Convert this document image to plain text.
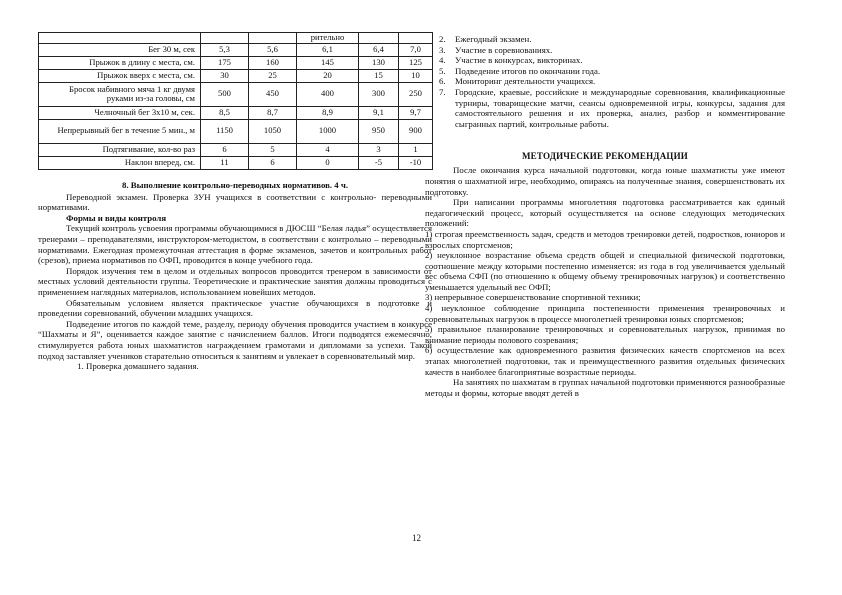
			рительно		
Бег 30 м, сек	5,3	5,6	6,1	6,4	7,0
Прыжок в длину с места, см.	175	160	145	130	125
Прыжок вверх с места, см.	30	25	20	15	10
Бросок набивного мяча 1 кг двумя руками из-за головы, см	500	450	400	300	250
Челночный бег 3х10 м, сек.	8,5	8,7	8,9	9,1	9,7
Непрерывный бег в течение 5 мин., м	1150	1050	1000	950	900
Подтягивание, кол-во раз	6	5	4	3	1
Наклон вперед, см.	11	6	0	-5	-10
8. Выполнение контрольно-переводных нормативов. 4 ч.

Переводной экзамен. Проверка ЗУН учащихся в соответствии с контрольно- переводными нормативами.

Формы и виды контроля

Текущий контроль усвоения программы обучающимися в ДЮСШ “Белая ладья” осуществляется тренерами – преподавателями, инструктором-методистом, в соответствии с контрольно – переводными нормативами. Ежегодная промежуточная аттестация в форме экзаменов, зачетов и контрольных работ (срезов), приема нормативов по ОФП, проводится в конце учебного года.

Порядок изучения тем в целом и отдельных вопросов проводится тренером в зависимости от местных условий деятельности группы. Теоретические и практические занятия должны проводиться с применением наглядных материалов, использованием новейших методов.

Обязательным условием является практическое участие обучающихся в подготовке и проведении соревнований, обучении младших учащихся.

Подведение итогов по каждой теме, разделу, периоду обучения проводится участием в конкурсе “Шахматы и Я”, оценивается каждое занятие с начислением баллов. Итоги подводятся ежемесячно, стимулируется работа юных шахматистов награждением грамотами и дипломами за успехи. Такой подход заставляет учеников старательно относиться к занятиям и увлекает в соревновательный мир.

1. Проверка домашнего задания.
2. Ежегодный экзамен.
3. Участие в соревнованиях.
4. Участие в конкурсах, викторинах.
5. Подведение итогов по окончании года.
6. Мониторинг деятельности учащихся.
7. Городские, краевые, российские и международные соревнования, квалификационные турниры, товарищеские матчи, сеансы одновременной игры, конкурсы, задания для самостоятельного решения и их проверка, анализ, разбор и комментирование сыгранных партий, контрольные работы.
МЕТОДИЧЕСКИЕ РЕКОМЕНДАЦИИ

После окончания курса начальной подготовки, когда юные шахматисты уже имеют понятия о шахматной игре, необходимо, опираясь на полученные знания, совершенствовать их подготовку.

При написании программы многолетняя подготовка рассматривается как единый педагогический процесс, который осуществляется на основе следующих методических положений:

1) строгая преемственность задач, средств и методов тренировки детей, подростков, юниоров и взрослых спортсменов;

2) неуклонное возрастание объема средств общей и специальной физической подготовки, соотношение между которыми постепенно изменяется: из года в год увеличивается удельный вес объема СФП (по отношению к общему объему тренировочных нагрузок) и соответственно уменьшается удельный вес ОФП;

3) непрерывное совершенствование спортивной техники;

4) неуклонное соблюдение принципа постепенности применения тренировочных и соревновательных нагрузок в процессе многолетней тренировки юных спортсменов;

5) правильное планирование тренировочных и соревновательных нагрузок, принимая во внимание периоды полового созревания;

6) осуществление как одновременного развития физических качеств спортсменов на всех этапах многолетней подготовки, так и преимущественного развития отдельных физических качеств в наиболее благоприятные возрастные периоды.

На занятиях по шахматам в группах начальной подготовки применяются разнообразные методы и формы, которые вводят детей в

12
